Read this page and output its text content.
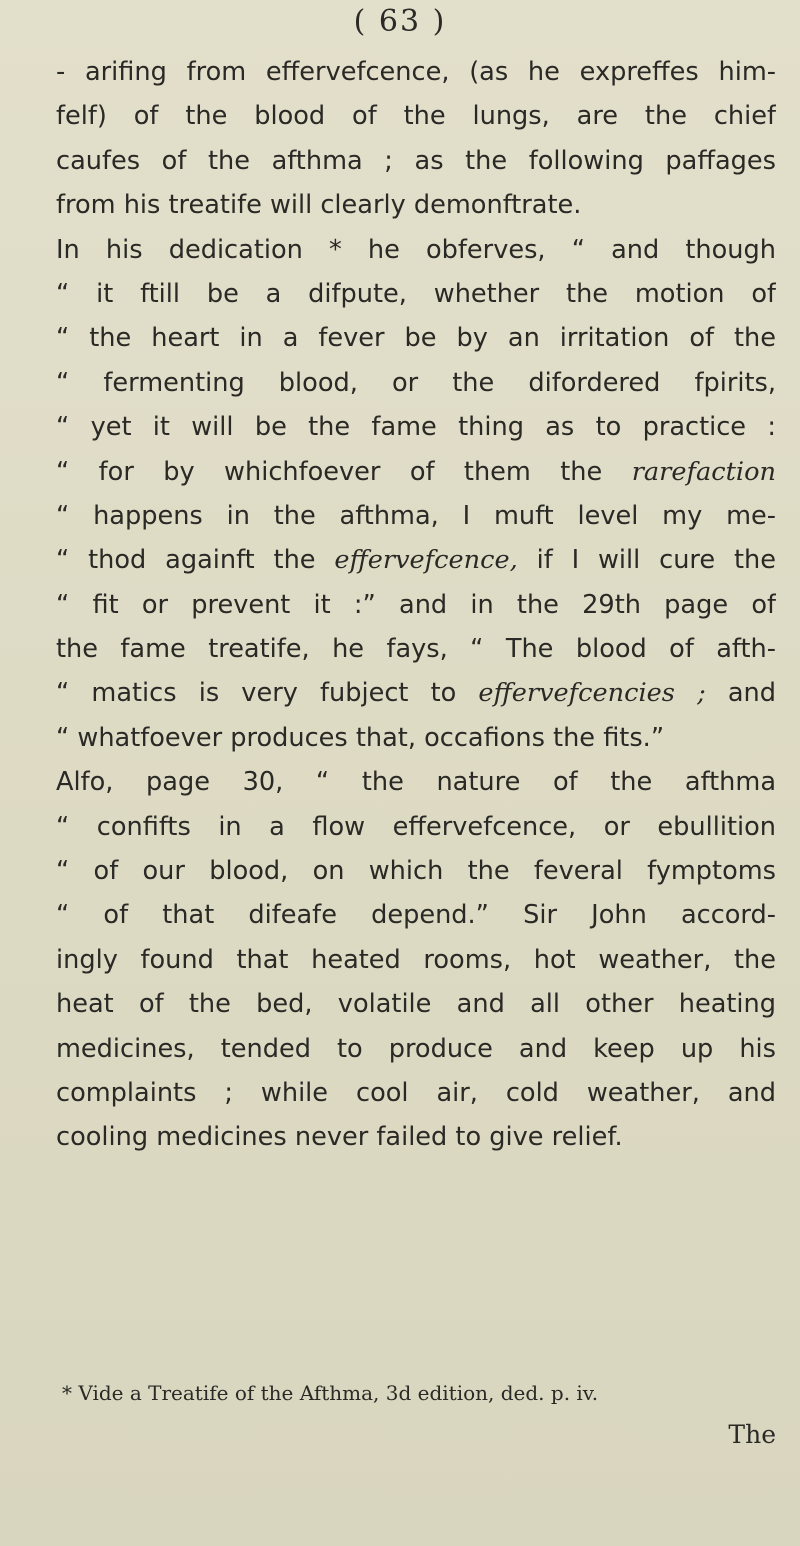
( 63 )
- arifing from effervefcence, (as he expreffes him-
felf) of the blood of the lungs, are the chief
caufes of the afthma ; as the following paffages
from his treatife will clearly demonftrate.
In his dedication * he obferves, “ and though
“ it ftill be a difpute, whether the motion of
“ the heart in a fever be by an irritation of the
“ fermenting blood, or the difordered fpirits,
“ yet it will be the fame thing as to practice :
“ for by whichfoever of them the rarefaction
“ happens in the afthma, I muft level my me-
“ thod againft the effervefcence, if I will cure the
“ fit or prevent it :” and in the 29th page of
the fame treatife, he fays, “ The blood of afth-
“ matics is very fubject to effervefcencies ; and
“ whatfoever produces that, occafions the fits.”
Alfo, page 30, “ the nature of the afthma
“ confifts in a flow effervefcence, or ebullition
“ of our blood, on which the feveral fymptoms
“ of that difeafe depend.” Sir John accord-
ingly found that heated rooms, hot weather, the
heat of the bed, volatile and all other heating
medicines, tended to produce and keep up his
complaints ; while cool air, cold weather, and
cooling medicines never failed to give relief.
* Vide a Treatife of the Afthma, 3d edition, ded. p. iv.
The
